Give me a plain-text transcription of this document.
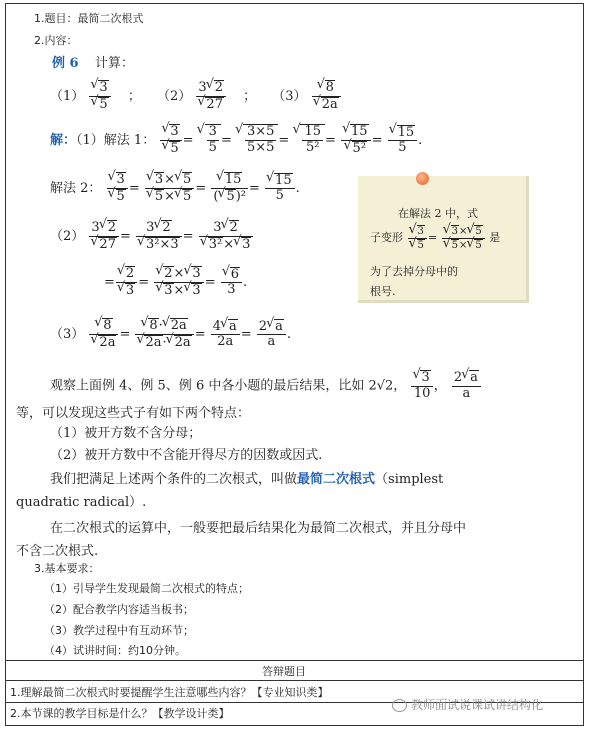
1.题目：最简二次根式
2.内容：
例 6 计算：
（1） √ 3
√ 5 ； （2） 3 √ 2
√ 27 ； （3） √ 8
√ 2a
解：（1）解法 1： √ 3
√ 5 = √ $\frac{3}{5}$ = √ $\frac{3\times 5}{5\times 5}$ = √ $\frac{15}{\text{5²}}$ = √ 15
√ 5² = √ $\frac{15}{5}$ .
解法 2： √ 3
√ 5 = √ 3× √ 5
√ 5× √ 5 = √ $\frac{15}{\text{( √ 5)²}}$ = √ $\frac{15}{5}$ .
（2） 3 √ 2
√ 27 = 3 √ 2
√ 3²×3 = 3 √ 2
√ 3²× √ 3
= √ 2
√ 3 = √ 2× √ 3
√ 3× √ 3 = √ $\frac{6}{3}$ .
（3） √ 8
√ 2a = √ 8· √ 2a
√ 2a· √ $2a = \frac{4 √ a}{2a} = \frac{2 √ a}{a}$ .
在解法 2 中，式
子变形 √ 3
√ 5 = √ 3× √ 5
√ 5× √ 5 是
为了去掉分母中的
根号.
观察上面例 4、例 5、例 6 中各小题的最后结果，比如 2√2， √ $\frac{3}{10}$ ， $\frac{2 √ a}{a}$
等，可以发现这些式子有如下两个特点：
（1）被开方数不含分母；
（2）被开方数中不含能开得尽方的因数或因式.
我们把满足上述两个条件的二次根式，叫做最简二次根式（simplest
quadratic radical）.
在二次根式的运算中，一般要把最后结果化为最简二次根式，并且分母中
不含二次根式.
3.基本要求：
（1）引导学生发现最简二次根式的特点；
（2）配合教学内容适当板书；
（3）教学过程中有互动环节；
（4）试讲时间：约10分钟。
答辩题目
1.理解最简二次根式时要提醒学生注意哪些内容？【专业知识类】
2.本节课的教学目标是什么？【教学设计类】
教师面试说课试讲结构化
